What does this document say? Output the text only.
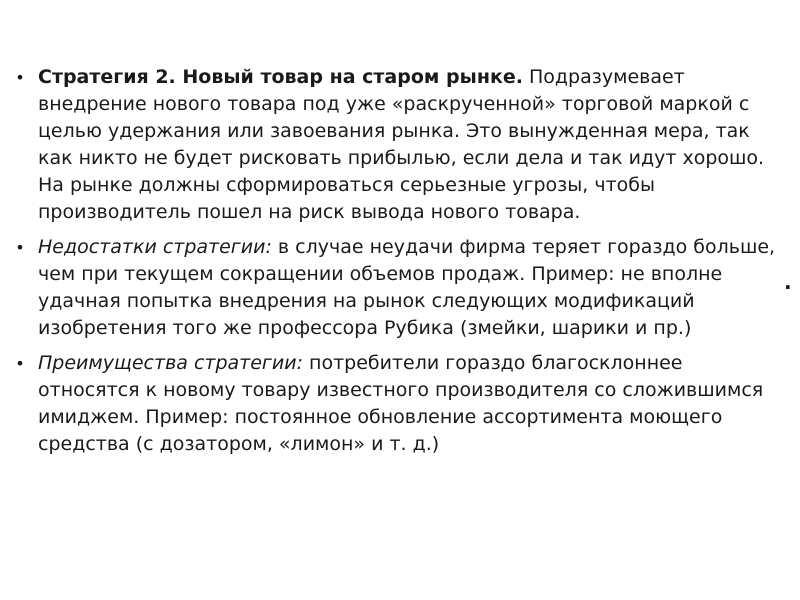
• Стратегия 2. Новый товар на старом рынке. Подразумевает внедрение нового товара под уже «раскрученной» торговой маркой с целью удержания или завоевания рынка. Это вынужденная мера, так как никто не будет рисковать прибылью, если дела и так идут хорошо. На рынке должны сформироваться серьезные угрозы, чтобы производитель пошел на риск вывода нового товара.
• Недостатки стратегии: в случае неудачи фирма теряет гораздо больше, чем при текущем сокращении объемов продаж. Пример: не вполне удачная попытка внедрения на рынок следующих модификаций изобретения того же профессора Рубика (змейки, шарики и пр.)
• Преимущества стратегии: потребители гораздо благосклоннее относятся к новому товару известного производителя со сложившимся имиджем. Пример: постоянное обновление ассортимента моющего средства (с дозатором, «лимон» и т. д.)
.
